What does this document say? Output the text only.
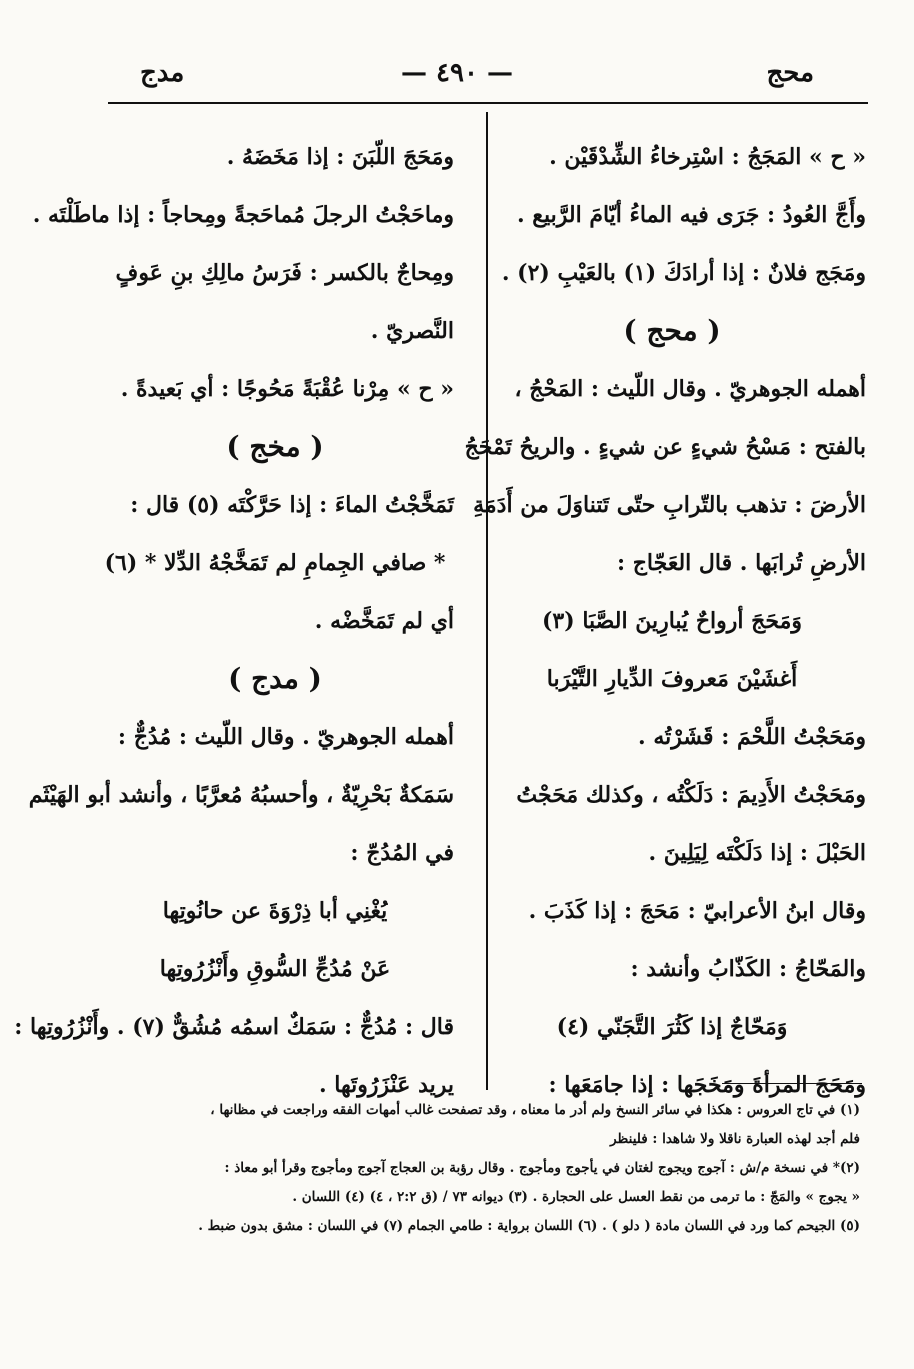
محج
— ٤٩٠ —
مدج
« ح » المَجَجُ : اسْتِرخاءُ الشِّدْقَيْن .
وأَجَّ العُودُ : جَرَى فيه الماءُ أيّامَ الرَّبيع .
ومَجَج فلانٌ : إذا أرادَكَ (١) بالعَيْبِ (٢) .
( محج )
أهمله الجوهريّ . وقال اللّيث : المَحْجُ ،
بالفتح : مَسْحُ شيءٍ عن شيءٍ . والريحُ تَمْحَجُ
الأرضَ : تذهب بالتّرابِ حتّى تَتناوَلَ من أَدَمَةِ
الأرضِ تُرابَها . قال العَجّاج :
وَمَحَجَ أرواحٌ يُبارِينَ الصَّبَا (٣)
أَغشَيْنَ مَعروفَ الدِّيارِ التَّيْرَبا
ومَحَجْتُ اللَّحْمَ : قَشَرْتُه .
ومَحَجْتُ الأَدِيمَ : دَلَكْتُه ، وكذلك مَحَجْتُ
الحَبْلَ : إذا دَلَكْتَه لِيَلِينَ .
وقال ابنُ الأعرابيّ : مَحَجَ : إذا كَذَبَ .
والمَحّاجُ : الكَذّابُ وأنشد :
وَمَحّاجٌ إذا كَثُرَ التَّجَنّي (٤)
ومَحَجَ المرأةَ ومَخَجَها : إذا جامَعَها :
ومَحَجَ اللّبَنَ : إذا مَخَضَهُ .
وماحَجْتُ الرجلَ مُماحَجةً ومِحاجاً : إذا ماطَلْتَه .
ومِحاجٌ بالكسر : فَرَسُ مالِكِ بنِ عَوفٍ
النَّصريّ .
« ح » مِرْنا عُقْبَةً مَحُوجًا : أي بَعيدةً .
( مخج )
تَمَخَّجْتُ الماءَ : إذا حَرَّكْتَه (٥) قال :
* صافي الجِمامِ لم تَمَخَّجْهُ الدِّلا * (٦)
أي لم تَمَخَّضْه .
( مدج )
أهمله الجوهريّ . وقال اللّيث : مُدُجٌّ :
سَمَكةٌ بَحْرِيّةٌ ، وأحسبُهُ مُعرَّبًا ، وأنشد أبو الهَيْثَم
في المُدُجّ :
يُغْنِي أبا ذِرْوَةَ عن حانُوتِها
عَنْ مُدُجِّ السُّوقِ وأَنْزُرُوتِها
قال : مُدُجٌّ : سَمَكٌ اسمُه مُشُقٌّ (٧) . وأَنْزُرُوتِها :
يريد عَنْزَرُوتَها .
(١) في تاج العروس : هكذا في سائر النسخ ولم أدر ما معناه ، وقد تصفحت غالب أمهات الفقه وراجعت في مظانها ،
فلم أجد لهذه العبارة ناقلا ولا شاهدا : فلينظر
(٢)* في نسخة م/ش : آجوج ويجوج لغتان في يأجوج ومأجوج . وقال رؤبة بن العجاج آجوج ومأجوج وقرأ أبو معاذ :
« يجوج » والمَجّ : ما ترمى من نقط العسل على الحجارة . (٣) ديوانه ٧٣ / (ق ٢:٢ ، ٤) (٤) اللسان .
(٥) الجيحم كما ورد في اللسان مادة ( دلو ) . (٦) اللسان برواية : طامي الجمام (٧) في اللسان : مشق بدون ضبط .
